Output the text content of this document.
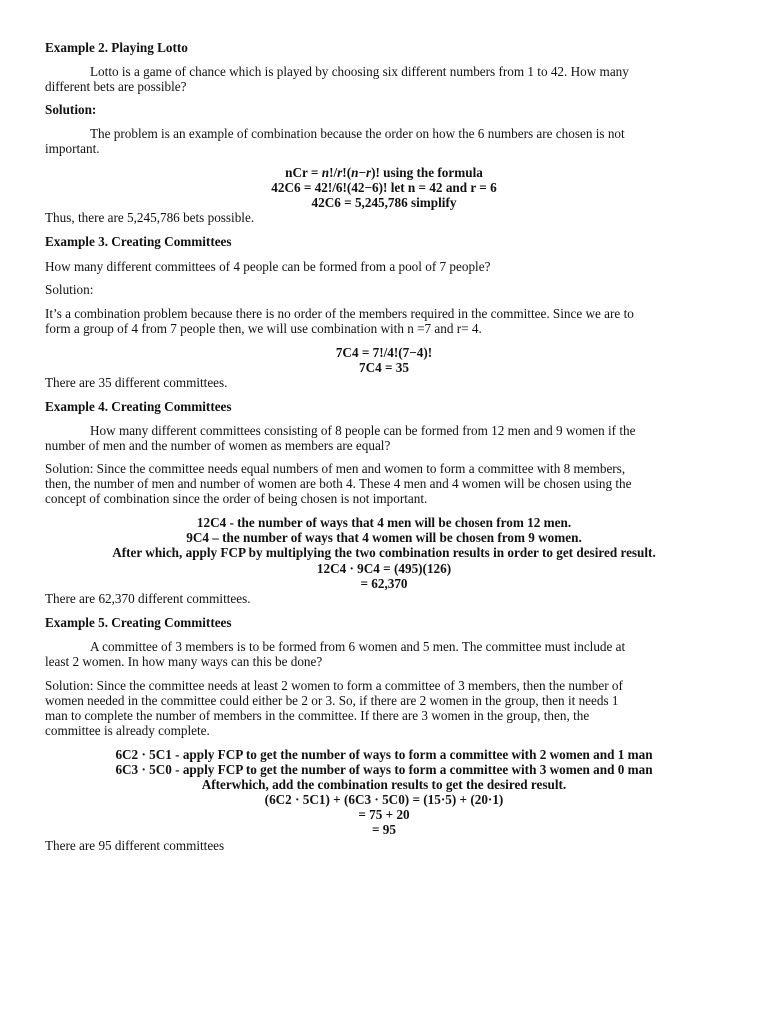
Example 2. Playing Lotto
Lotto is a game of chance which is played by choosing six different numbers from 1 to 42. How many
different bets are possible?
Solution:
The problem is an example of combination because the order on how the 6 numbers are chosen is not
important.
nCr = n!/r!(n−r)! using the formula
42C6 = 42!/6!(42−6)! let n = 42 and r = 6
42C6 = 5,245,786 simplify
Thus, there are 5,245,786 bets possible.
Example 3. Creating Committees
How many different committees of 4 people can be formed from a pool of 7 people?
Solution:
It’s a combination problem because there is no order of the members required in the committee. Since we are to
form a group of 4 from 7 people then, we will use combination with n =7 and r= 4.
7C4 = 7!/4!(7−4)!
7C4 = 35
There are 35 different committees.
Example 4. Creating Committees
How many different committees consisting of 8 people can be formed from 12 men and 9 women if the
number of men and the number of women as members are equal?
Solution: Since the committee needs equal numbers of men and women to form a committee with 8 members,
then, the number of men and number of women are both 4. These 4 men and 4 women will be chosen using the
concept of combination since the order of being chosen is not important.
12C4 - the number of ways that 4 men will be chosen from 12 men.
9C4 – the number of ways that 4 women will be chosen from 9 women.
After which, apply FCP by multiplying the two combination results in order to get desired result.
12C4 · 9C4 = (495)(126)
= 62,370
There are 62,370 different committees.
Example 5. Creating Committees
A committee of 3 members is to be formed from 6 women and 5 men. The committee must include at
least 2 women. In how many ways can this be done?
Solution: Since the committee needs at least 2 women to form a committee of 3 members, then the number of
women needed in the committee could either be 2 or 3. So, if there are 2 women in the group, then it needs 1
man to complete the number of members in the committee. If there are 3 women in the group, then, the
committee is already complete.
6C2 · 5C1 - apply FCP to get the number of ways to form a committee with 2 women and 1 man
6C3 · 5C0 - apply FCP to get the number of ways to form a committee with 3 women and 0 man
Afterwhich, add the combination results to get the desired result.
(6C2 · 5C1) + (6C3 · 5C0) = (15·5) + (20·1)
= 75 + 20
= 95
There are 95 different committees
